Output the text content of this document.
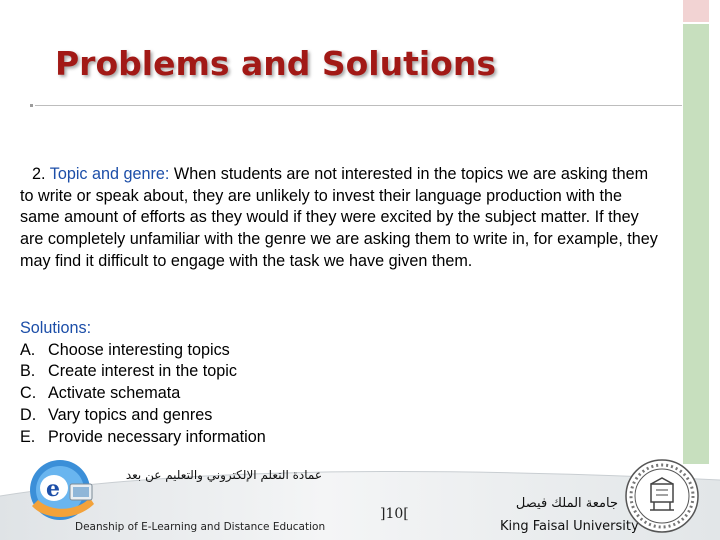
Problems and Solutions

2. Topic and genre: When students are not interested in the topics we are asking them to write or speak about, they are unlikely to invest their language production with the same amount of efforts as they would if they were excited by the subject matter. If they are completely unfamiliar with the genre we are asking them to write in, for example, they may find it difficult to engage with the task we have given them.

Solutions:
A. Choose interesting topics
B. Create interest in the topic
C. Activate schemata
D. Vary topics and genres
E. Provide necessary information
e
عمادة التعلم الإلكتروني والتعليم عن بعد
Deanship of E-Learning and Distance Education
]10[
جامعة الملك فيصل
King Faisal University
